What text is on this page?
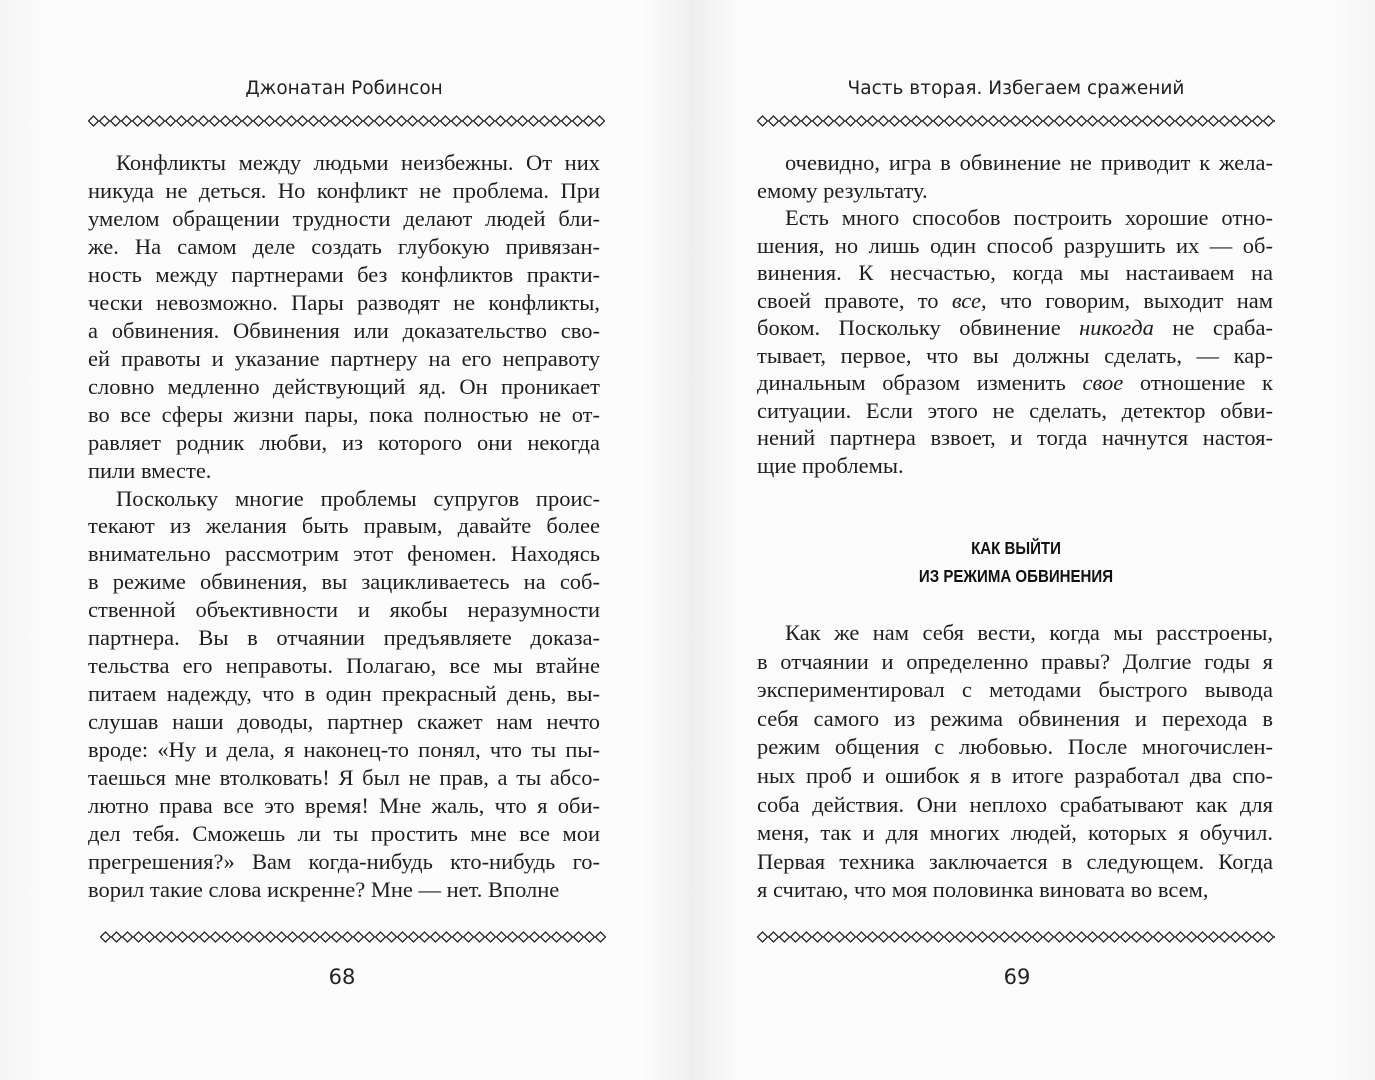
Джонатан Робинсон	Часть вторая. Избегаем сражений
Конфликты между людьми неизбежны. От них
никуда не деться. Но конфликт не проблема. При
умелом обращении трудности делают людей бли-
же. На самом деле создать глубокую привязан-
ность между партнерами без конфликтов практи-
чески невозможно. Пары разводят не конфликты,
а обвинения. Обвинения или доказательство сво-
ей правоты и указание партнеру на его неправоту
словно медленно действующий яд. Он проникает
во все сферы жизни пары, пока полностью не от-
равляет родник любви, из которого они некогда
пили вместе.
Поскольку многие проблемы супругов проис-
текают из желания быть правым, давайте более
внимательно рассмотрим этот феномен. Находясь
в режиме обвинения, вы зацикливаетесь на соб-
ственной объективности и якобы неразумности
партнера. Вы в отчаянии предъявляете доказа-
тельства его неправоты. Полагаю, все мы втайне
питаем надежду, что в один прекрасный день, вы-
слушав наши доводы, партнер скажет нам нечто
вроде: «Ну и дела, я наконец-то понял, что ты пы-
таешься мне втолковать! Я был не прав, а ты абсо-
лютно права все это время! Мне жаль, что я оби-
дел тебя. Сможешь ли ты простить мне все мои
прегрешения?» Вам когда-нибудь кто-нибудь го-
ворил такие слова искренне? Мне — нет. Вполне
очевидно, игра в обвинение не приводит к жела-
емому результату.
Есть много способов построить хорошие отно-
шения, но лишь один способ разрушить их — об-
винения. К несчастью, когда мы настаиваем на
своей правоте, то все, что говорим, выходит нам
боком. Поскольку обвинение никогда не сраба-
тывает, первое, что вы должны сделать, — кар-
динальным образом изменить свое отношение к
ситуации. Если этого не сделать, детектор обви-
нений партнера взвоет, и тогда начнутся настоя-
щие проблемы.
Как же нам себя вести, когда мы расстроены,
в отчаянии и определенно правы? Долгие годы я
экспериментировал с методами быстрого вывода
себя самого из режима обвинения и перехода в
режим общения с любовью. После многочислен-
ных проб и ошибок я в итоге разработал два спо-
соба действия. Они неплохо срабатывают как для
меня, так и для многих людей, которых я обучил.
Первая техника заключается в следующем. Когда
я считаю, что моя половинка виновата во всем,
КАК ВЫЙТИ
ИЗ РЕЖИМА ОБВИНЕНИЯ
68	69
